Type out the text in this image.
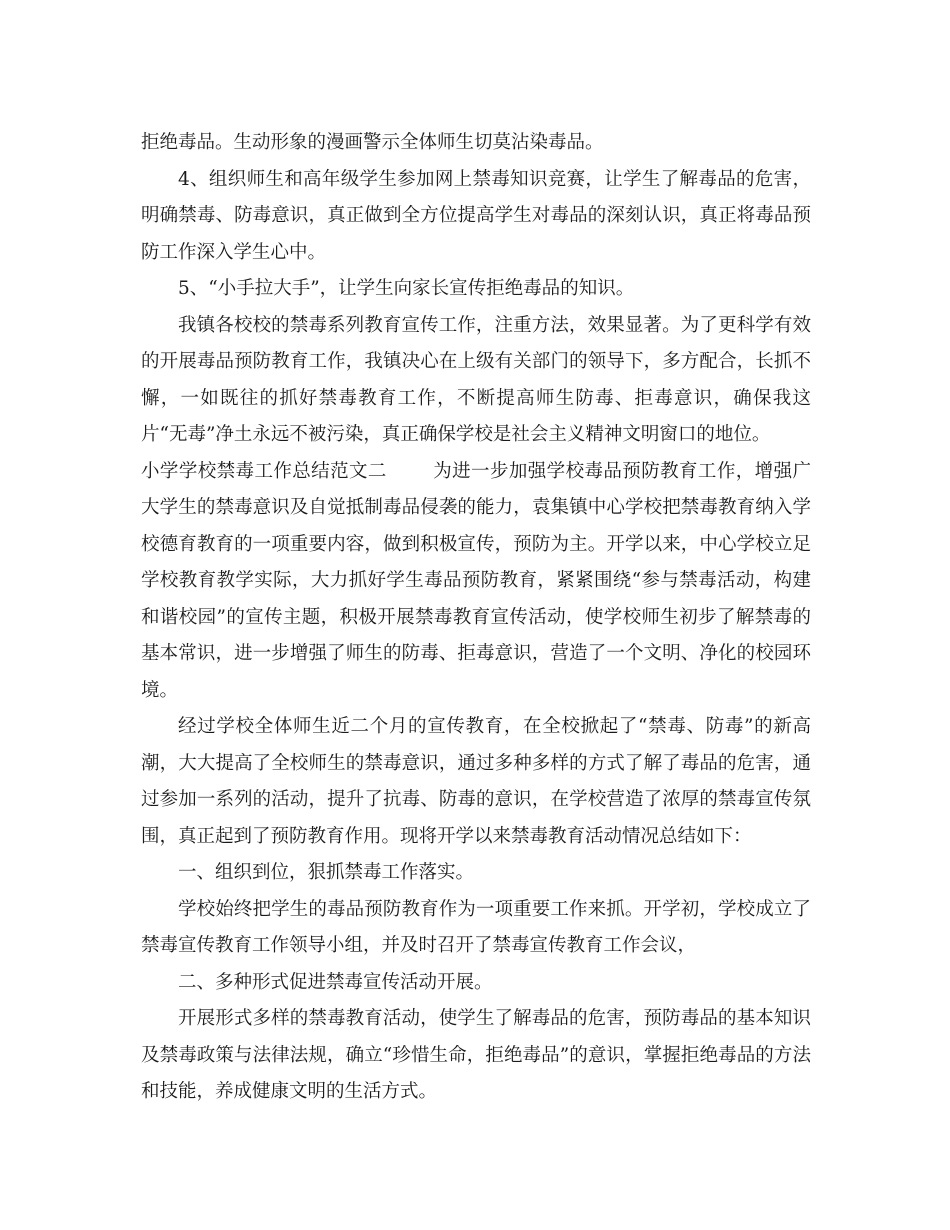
拒绝毒品。生动形象的漫画警示全体师生切莫沾染毒品。

4、组织师生和高年级学生参加网上禁毒知识竞赛，让学生了解毒品的危害，明确禁毒、防毒意识，真正做到全方位提高学生对毒品的深刻认识，真正将毒品预防工作深入学生心中。

5、“小手拉大手”，让学生向家长宣传拒绝毒品的知识。

我镇各校校的禁毒系列教育宣传工作，注重方法，效果显著。为了更科学有效的开展毒品预防教育工作，我镇决心在上级有关部门的领导下，多方配合，长抓不懈，一如既往的抓好禁毒教育工作，不断提高师生防毒、拒毒意识，确保我这片“无毒”净土永远不被污染，真正确保学校是社会主义精神文明窗口的地位。

小学学校禁毒工作总结范文二 为进一步加强学校毒品预防教育工作，增强广大学生的禁毒意识及自觉抵制毒品侵袭的能力，袁集镇中心学校把禁毒教育纳入学校德育教育的一项重要内容，做到积极宣传，预防为主。开学以来，中心学校立足学校教育教学实际，大力抓好学生毒品预防教育，紧紧围绕“参与禁毒活动，构建和谐校园”的宣传主题，积极开展禁毒教育宣传活动，使学校师生初步了解禁毒的基本常识，进一步增强了师生的防毒、拒毒意识，营造了一个文明、净化的校园环境。

经过学校全体师生近二个月的宣传教育，在全校掀起了“禁毒、防毒”的新高潮，大大提高了全校师生的禁毒意识，通过多种多样的方式了解了毒品的危害，通过参加一系列的活动，提升了抗毒、防毒的意识，在学校营造了浓厚的禁毒宣传氛围，真正起到了预防教育作用。现将开学以来禁毒教育活动情况总结如下：

一、组织到位，狠抓禁毒工作落实。

学校始终把学生的毒品预防教育作为一项重要工作来抓。开学初，学校成立了禁毒宣传教育工作领导小组，并及时召开了禁毒宣传教育工作会议，

二、多种形式促进禁毒宣传活动开展。

开展形式多样的禁毒教育活动，使学生了解毒品的危害，预防毒品的基本知识及禁毒政策与法律法规，确立“珍惜生命，拒绝毒品”的意识，掌握拒绝毒品的方法和技能，养成健康文明的生活方式。
